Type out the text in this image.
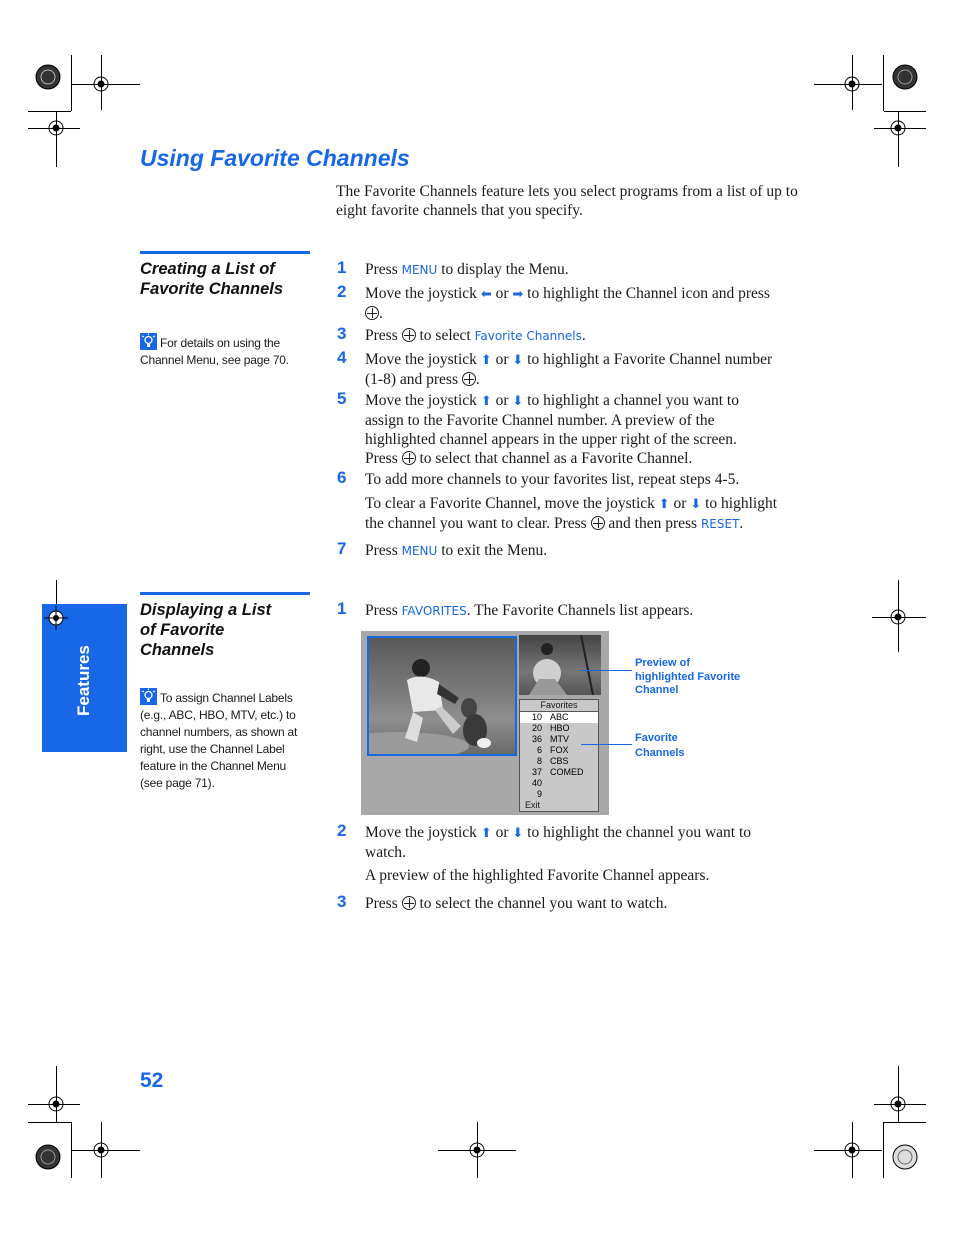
Features
Using Favorite Channels
The Favorite Channels feature lets you select programs from a list of up to eight favorite channels that you specify.
Creating a List of
Favorite Channels
For details on using the
Channel Menu, see page 70.
1 Press MENU to display the Menu.
2 Move the joystick ⬅ or ➡ to highlight the Channel icon and press
.
3 Press  to select Favorite Channels.
4 Move the joystick ⬆ or ⬇ to highlight a Favorite Channel number
(1-8) and press .
5 Move the joystick ⬆ or ⬇ to highlight a channel you want to
assign to the Favorite Channel number. A preview of the
highlighted channel appears in the upper right of the screen.
Press  to select that channel as a Favorite Channel.
6 To add more channels to your favorites list, repeat steps 4-5.
To clear a Favorite Channel, move the joystick ⬆ or ⬇ to highlight
the channel you want to clear. Press  and then press RESET.
7 Press MENU to exit the Menu.
Displaying a List
of Favorite
Channels
To assign Channel Labels
(e.g., ABC, HBO, MTV, etc.) to
channel numbers, as shown at
right, use the Channel Label
feature in the Channel Menu
(see page 71).
1 Press FAVORITES. The Favorite Channels list appears.
Favorites
10 ABC
20 HBO
36 MTV
6 FOX
8 CBS
37 COMED
40
9
Exit
Preview of
highlighted Favorite
Channel
Favorite
Channels
2 Move the joystick ⬆ or ⬇ to highlight the channel you want to
watch.
A preview of the highlighted Favorite Channel appears.
3 Press  to select the channel you want to watch.
52
